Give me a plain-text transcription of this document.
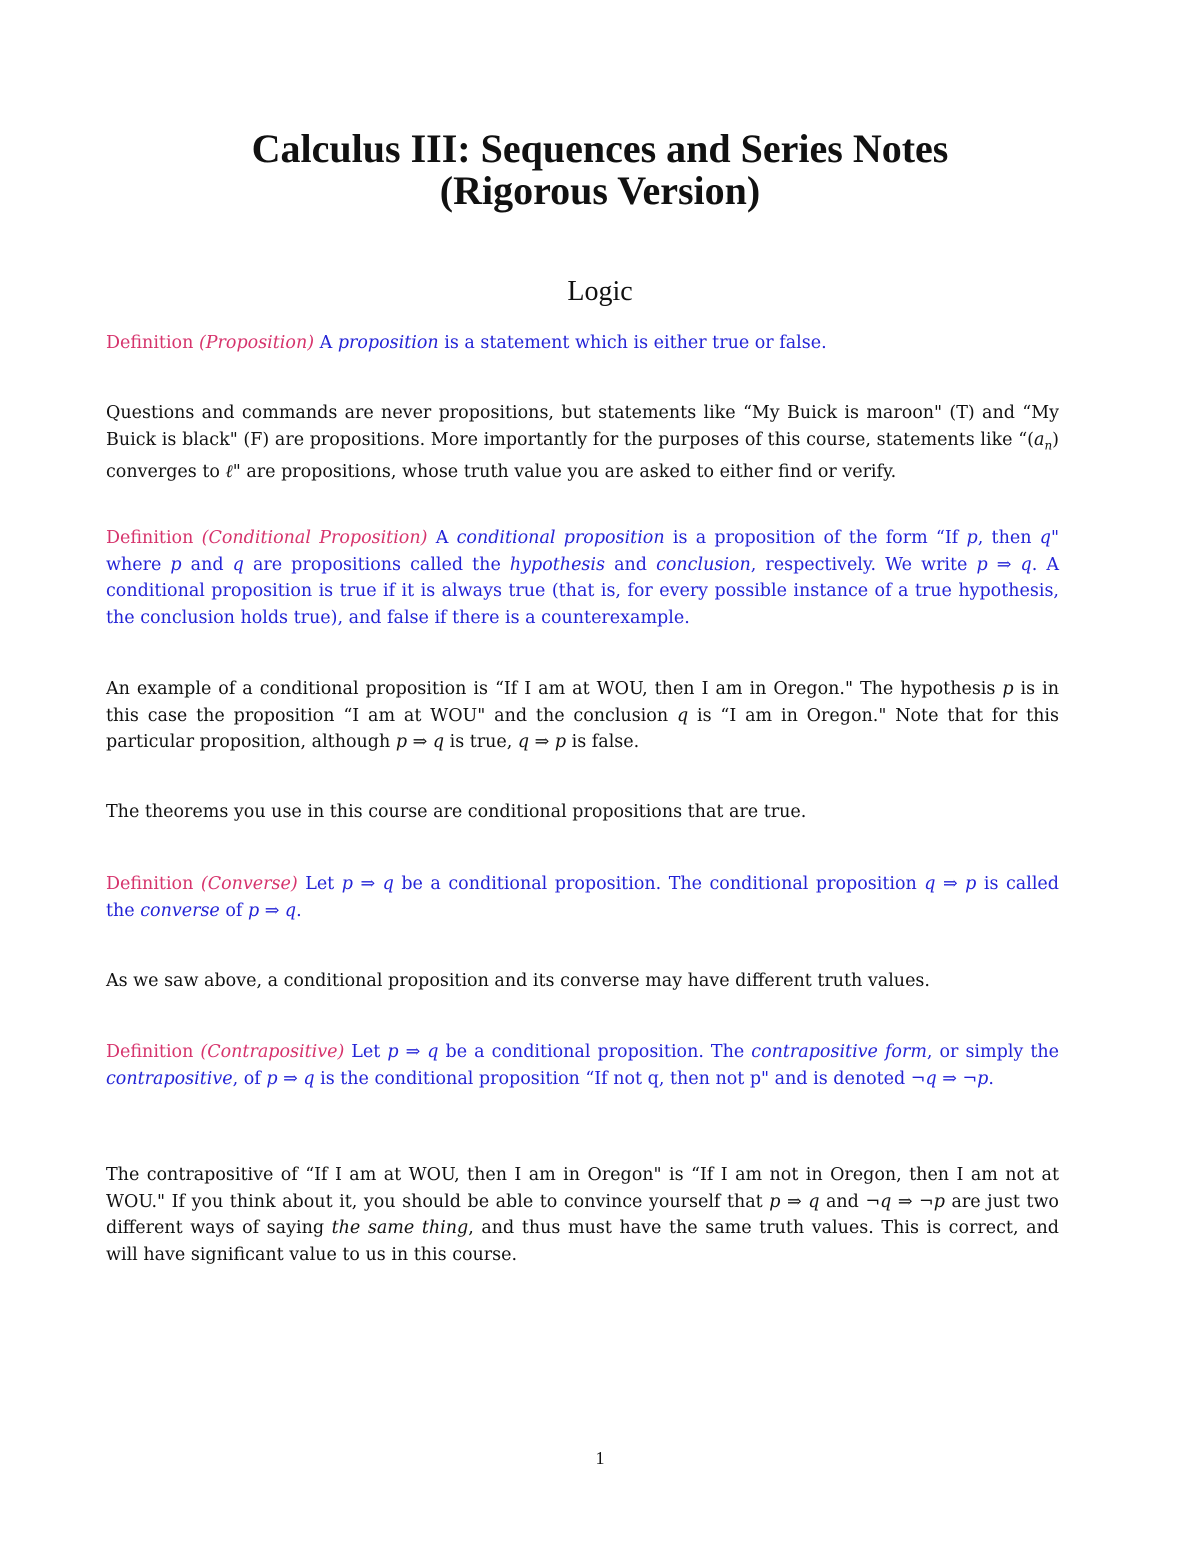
Calculus III: Sequences and Series Notes
(Rigorous Version)
Logic

Definition (Proposition) A proposition is a statement which is either true or false.

Questions and commands are never propositions, but statements like “My Buick is maroon" (T) and “My Buick is black" (F) are propositions. More importantly for the purposes of this course, statements like “$(a_n)$ converges to ℓ" are propositions, whose truth value you are asked to either find or verify.

Definition (Conditional Proposition) A conditional proposition is a proposition of the form “If p, then q" where p and q are propositions called the hypothesis and conclusion, respectively. We write p ⇒ q. A conditional proposition is true if it is always true (that is, for every possible instance of a true hypothesis, the conclusion holds true), and false if there is a counterexample.

An example of a conditional proposition is “If I am at WOU, then I am in Oregon." The hypothesis p is in this case the proposition “I am at WOU" and the conclusion q is “I am in Oregon." Note that for this particular proposition, although p ⇒ q is true, q ⇒ p is false.

The theorems you use in this course are conditional propositions that are true.

Definition (Converse) Let p ⇒ q be a conditional proposition. The conditional proposition q ⇒ p is called the converse of p ⇒ q.

As we saw above, a conditional proposition and its converse may have different truth values.

Definition (Contrapositive) Let p ⇒ q be a conditional proposition. The contrapositive form, or simply the contrapositive, of p ⇒ q is the conditional proposition “If not q, then not p" and is denoted ¬q ⇒ ¬p.

The contrapositive of “If I am at WOU, then I am in Oregon" is “If I am not in Oregon, then I am not at WOU." If you think about it, you should be able to convince yourself that p ⇒ q and ¬q ⇒ ¬p are just two different ways of saying the same thing, and thus must have the same truth values. This is correct, and will have significant value to us in this course.

1
